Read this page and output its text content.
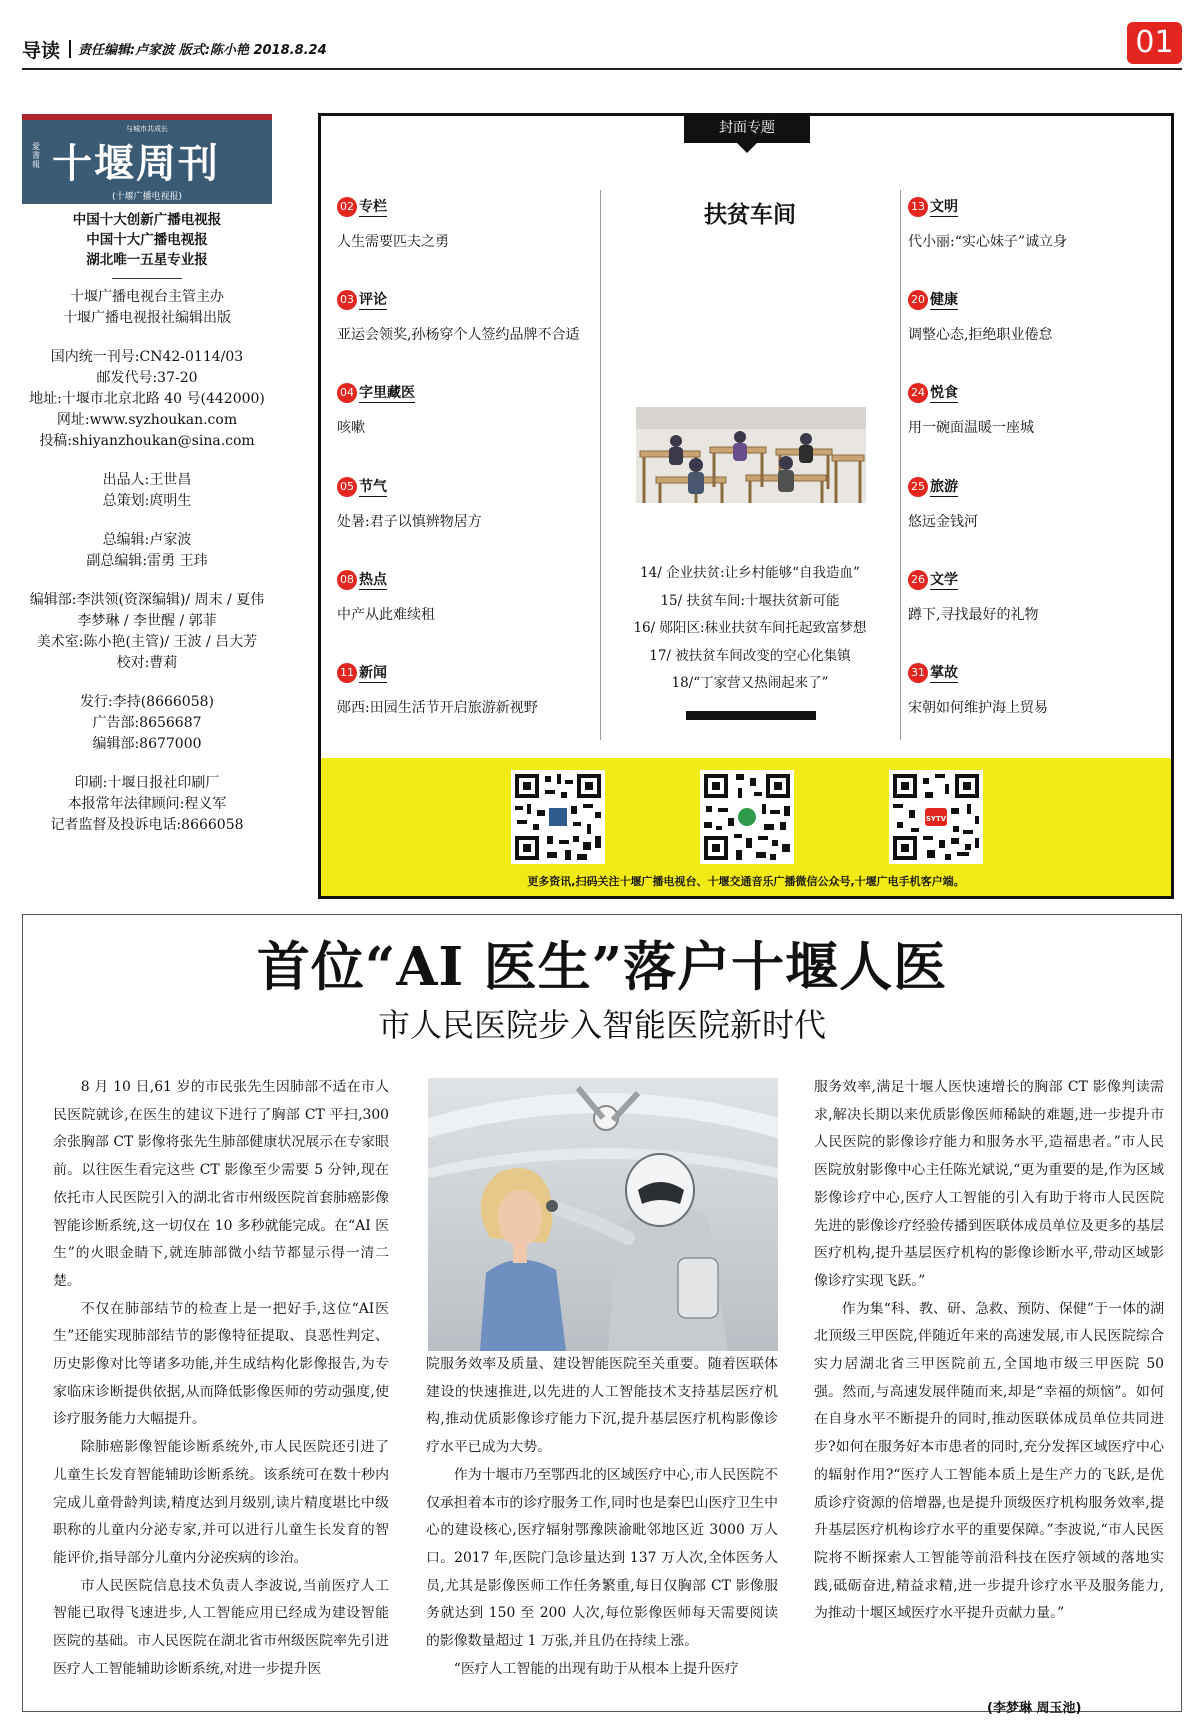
导读 责任编辑:卢家波 版式:陈小艳 2018.8.24	01
与城市共成长
愛
書
報 十堰周刊
(十堰广播电视报)

中国十大创新广播电视报

中国十大广播电视报

湖北唯一五星专业报

十堰广播电视台主管主办

十堰广播电视报社编辑出版

国内统一刊号:CN42-0114/03

邮发代号:37-20

地址:十堰市北京北路 40 号(442000)

网址:www.syzhoukan.com

投稿:shiyanzhoukan@sina.com

出品人:王世昌

总策划:庹明生

总编辑:卢家波

副总编辑:雷勇 王玮

编辑部:李洪领(资深编辑)/ 周末 / 夏伟

李梦琳 / 李世醒 / 郭菲

美术室:陈小艳(主管)/ 王波 / 吕大芳

校对:曹莉

发行:李持(8666058)

广告部:8656687

编辑部:8677000

印刷:十堰日报社印刷厂

本报常年法律顾问:程义军

记者监督及投诉电话:8666058

封面专题
02 专栏
人生需要匹夫之勇
03 评论
亚运会领奖,孙杨穿个人签约品牌不合适
04 字里藏医
咳嗽
05 节气
处暑:君子以慎辨物居方
08 热点
中产从此难续租
11 新闻
郧西:田园生活节开启旅游新视野
13 文明
代小丽:“实心妹子”诚立身
20 健康
调整心态,拒绝职业倦怠
24 悦食
用一碗面温暖一座城
25 旅游
悠远金钱河
26 文学
蹲下,寻找最好的礼物
31 掌故
宋朝如何维护海上贸易
扶贫车间

14/ 企业扶贫:让乡村能够“自我造血”

15/ 扶贫车间:十堰扶贫新可能

16/ 郧阳区:秣业扶贫车间托起致富梦想

17/ 被扶贫车间改变的空心化集镇

18/“丁家营又热闹起来了”

SYTV
更多资讯,扫码关注十堰广播电视台、十堰交通音乐广播微信公众号,十堰广电手机客户端。
首位“AI 医生”落户十堰人医
市人民医院步入智能医院新时代

8 月 10 日,61 岁的市民张先生因肺部不适在市人民医院就诊,在医生的建议下进行了胸部 CT 平扫,300 余张胸部 CT 影像将张先生肺部健康状况展示在专家眼前。以往医生看完这些 CT 影像至少需要 5 分钟,现在依托市人民医院引入的湖北省市州级医院首套肺癌影像智能诊断系统,这一切仅在 10 多秒就能完成。在“AI 医生”的火眼金睛下,就连肺部微小结节都显示得一清二楚。

不仅在肺部结节的检查上是一把好手,这位“AI医生”还能实现肺部结节的影像特征提取、良恶性判定、历史影像对比等诸多功能,并生成结构化影像报告,为专家临床诊断提供依据,从而降低影像医师的劳动强度,使诊疗服务能力大幅提升。

除肺癌影像智能诊断系统外,市人民医院还引进了儿童生长发育智能辅助诊断系统。该系统可在数十秒内完成儿童骨龄判读,精度达到月级别,读片精度堪比中级职称的儿童内分泌专家,并可以进行儿童生长发育的智能评价,指导部分儿童内分泌疾病的诊治。

市人民医院信息技术负责人李波说,当前医疗人工智能已取得飞速进步,人工智能应用已经成为建设智能医院的基础。市人民医院在湖北省市州级医院率先引进医疗人工智能辅助诊断系统,对进一步提升医

院服务效率及质量、建设智能医院至关重要。随着医联体建设的快速推进,以先进的人工智能技术支持基层医疗机构,推动优质影像诊疗能力下沉,提升基层医疗机构影像诊疗水平已成为大势。

作为十堰市乃至鄂西北的区域医疗中心,市人民医院不仅承担着本市的诊疗服务工作,同时也是秦巴山医疗卫生中心的建设核心,医疗辐射鄂豫陕渝毗邻地区近 3000 万人口。2017 年,医院门急诊量达到 137 万人次,全体医务人员,尤其是影像医师工作任务繁重,每日仅胸部 CT 影像服务就达到 150 至 200 人次,每位影像医师每天需要阅读的影像数量超过 1 万张,并且仍在持续上涨。

“医疗人工智能的出现有助于从根本上提升医疗

服务效率,满足十堰人医快速增长的胸部 CT 影像判读需求,解决长期以来优质影像医师稀缺的难题,进一步提升市人民医院的影像诊疗能力和服务水平,造福患者。”市人民医院放射影像中心主任陈光斌说,“更为重要的是,作为区域影像诊疗中心,医疗人工智能的引入有助于将市人民医院先进的影像诊疗经验传播到医联体成员单位及更多的基层医疗机构,提升基层医疗机构的影像诊断水平,带动区域影像诊疗实现飞跃。”

作为集“科、教、研、急救、预防、保健”于一体的湖北顶级三甲医院,伴随近年来的高速发展,市人民医院综合实力居湖北省三甲医院前五,全国地市级三甲医院 50 强。然而,与高速发展伴随而来,却是“幸福的烦恼”。如何在自身水平不断提升的同时,推动医联体成员单位共同进步?如何在服务好本市患者的同时,充分发挥区域医疗中心的辐射作用?“医疗人工智能本质上是生产力的飞跃,是优质诊疗资源的倍增器,也是提升顶级医疗机构服务效率,提升基层医疗机构诊疗水平的重要保障。”李波说,“市人民医院将不断探索人工智能等前沿科技在医疗领域的落地实践,砥砺奋进,精益求精,进一步提升诊疗水平及服务能力,为推动十堰区域医疗水平提升贡献力量。”

(李梦琳 周玉池)
